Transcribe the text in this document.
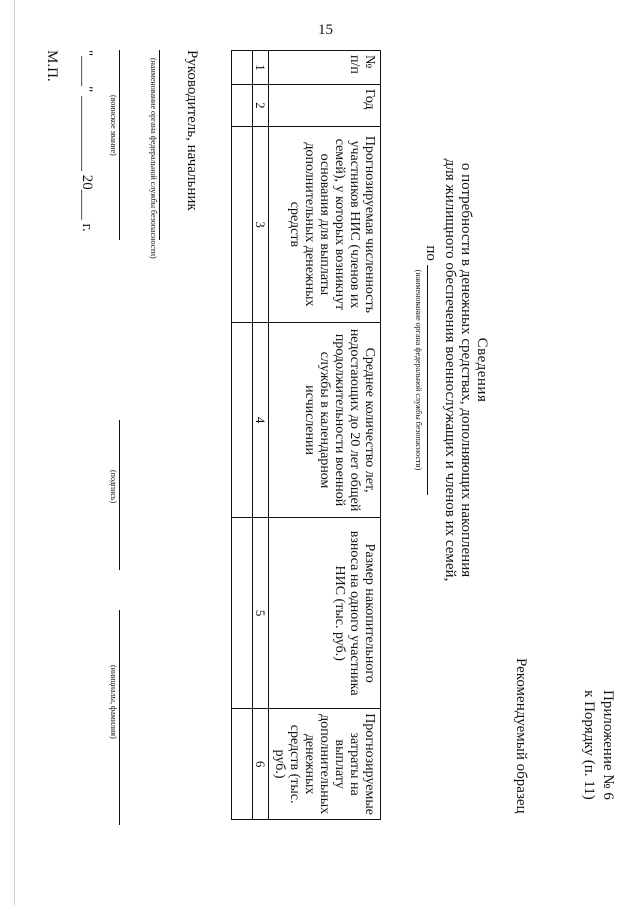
15
Приложение № 6
к Порядку (п. 11)
Рекомендуемый образец
Сведения
о потребности в денежных средствах, дополняющих накопления
для жилищного обеспечения военнослужащих и членов их семей,
по
(наименование органа федеральной службы безопасности)
№ п/п	Год	Прогнозируемая численность участников НИС (членов их семей), у которых возникнут основания для выплаты дополнительных денежных средств	Среднее количество лет, недостающих до 20 лет общей продолжительности военной службы в календарном исчислении	Размер накопительного взноса на одного участника НИС (тыс. руб.)	Прогнозируемые затраты на выплату дополнительных денежных средств (тыс. руб.)
1	2	3	4	5	6

Руководитель, начальник
(наименование органа федеральной службы безопасности)
(воинское звание)
(подпись)
(инициалы, фамилия)
"____" __________ 20____ г.
М.П.
